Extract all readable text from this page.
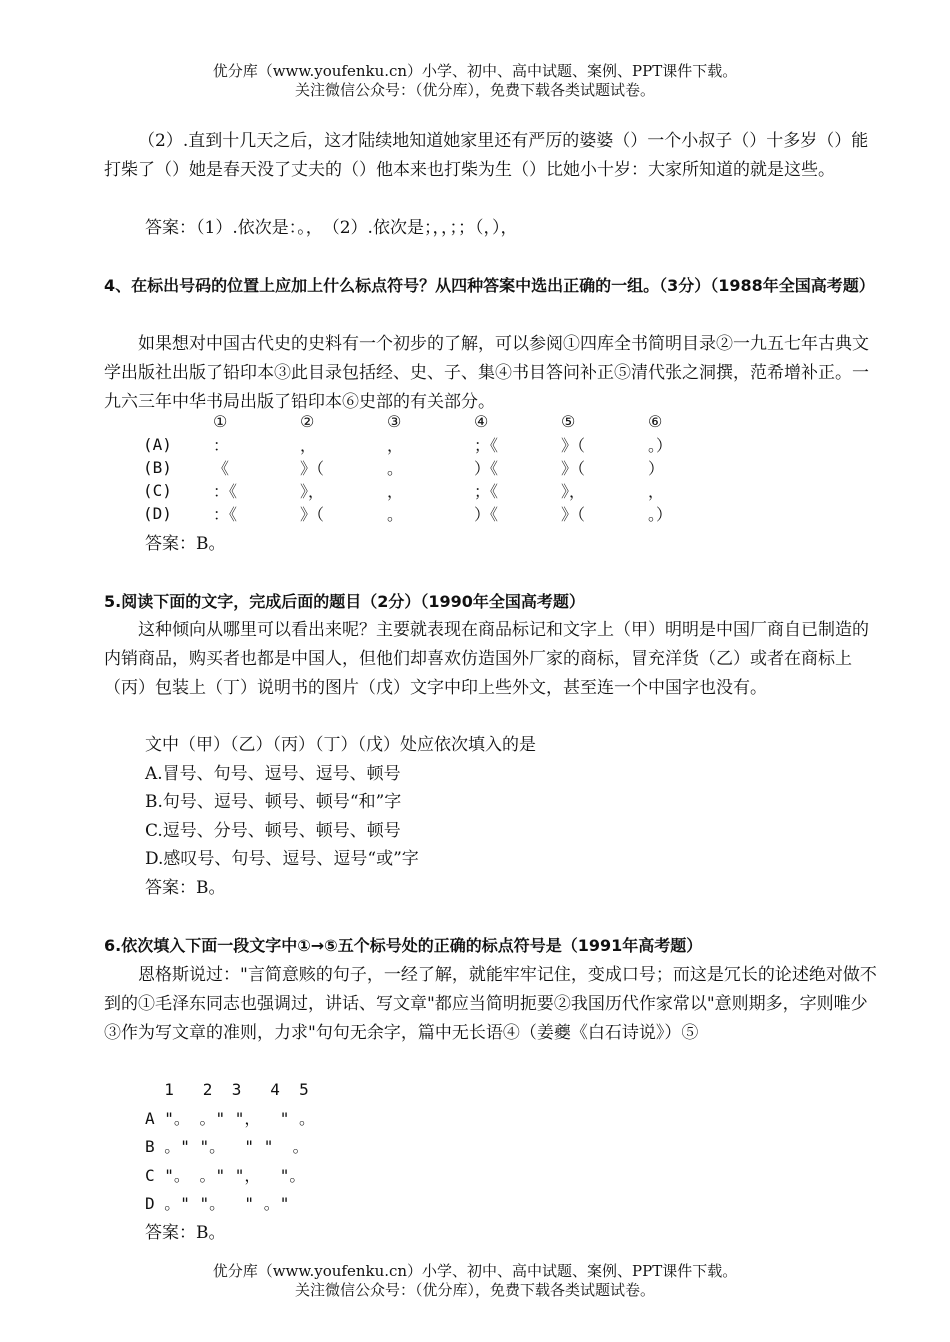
优分库（www.youfenku.cn）小学、初中、高中试题、案例、PPT课件下载。
关注微信公众号：（优分库），免费下载各类试题试卷。
（2）.直到十几天之后，这才陆续地知道她家里还有严厉的婆婆（）一个小叔子（）十多岁（）能打柴了（）她是春天没了丈夫的（）他本来也打柴为生（）比她小十岁：大家所知道的就是这些。
答案：（1）.依次是：。，　（2）.依次是；，，；；（，），
4、在标出号码的位置上应加上什么标点符号？从四种答案中选出正确的一组。（3分）（1988年全国高考题）
如果想对中国古代史的史料有一个初步的了解，可以参阅①四库全书简明目录②一九五七年古典文学出版社出版了铅印本③此目录包括经、史、子、集④书目答问补正⑤清代张之洞撰，范希增补正。一九六三年中华书局出版了铅印本⑥史部的有关部分。
	①	②	③	④	⑤	⑥
(A)	：	，	，	；《	》（	。）
(B)	《	》（	。	）《	》（	）
(C)	：《	》，	，	；《	》，	，
(D)	：《	》（	。	）《	》（	。）
答案：B。
5.阅读下面的文字，完成后面的题目（2分）（1990年全国高考题）
这种倾向从哪里可以看出来呢？主要就表现在商品标记和文字上（甲）明明是中国厂商自已制造的内销商品，购买者也都是中国人，但他们却喜欢仿造国外厂家的商标，冒充洋货（乙）或者在商标上（丙）包装上（丁）说明书的图片（戊）文字中印上些外文，甚至连一个中国字也没有。
文中（甲）（乙）（丙）（丁）（戊）处应依次填入的是
A.冒号、句号、逗号、逗号、顿号
B.句号、逗号、顿号、顿号“和”字
C.逗号、分号、顿号、顿号、顿号
D.感叹号、句号、逗号、逗号“或”字
答案：B。
6.依次填入下面一段文字中①→⑤五个标号处的正确的标点符号是（1991年高考题）
恩格斯说过："言简意赅的句子，一经了解，就能牢牢记住，变成口号；而这是冗长的论述绝对做不到的①毛泽东同志也强调过，讲话、写文章"都应当简明扼要②我国历代作家常以"意则期多，字则唯少③作为写文章的准则，力求"句句无余字，篇中无长语④（姜夔《白石诗说》）⑤
1   2  3   4  5
A "。 。" "，  " 。
B 。" "。  " "  。
C "。 。" "，  "。
D 。" "。  " 。"
答案：B。
优分库（www.youfenku.cn）小学、初中、高中试题、案例、PPT课件下载。
关注微信公众号：（优分库），免费下载各类试题试卷。
